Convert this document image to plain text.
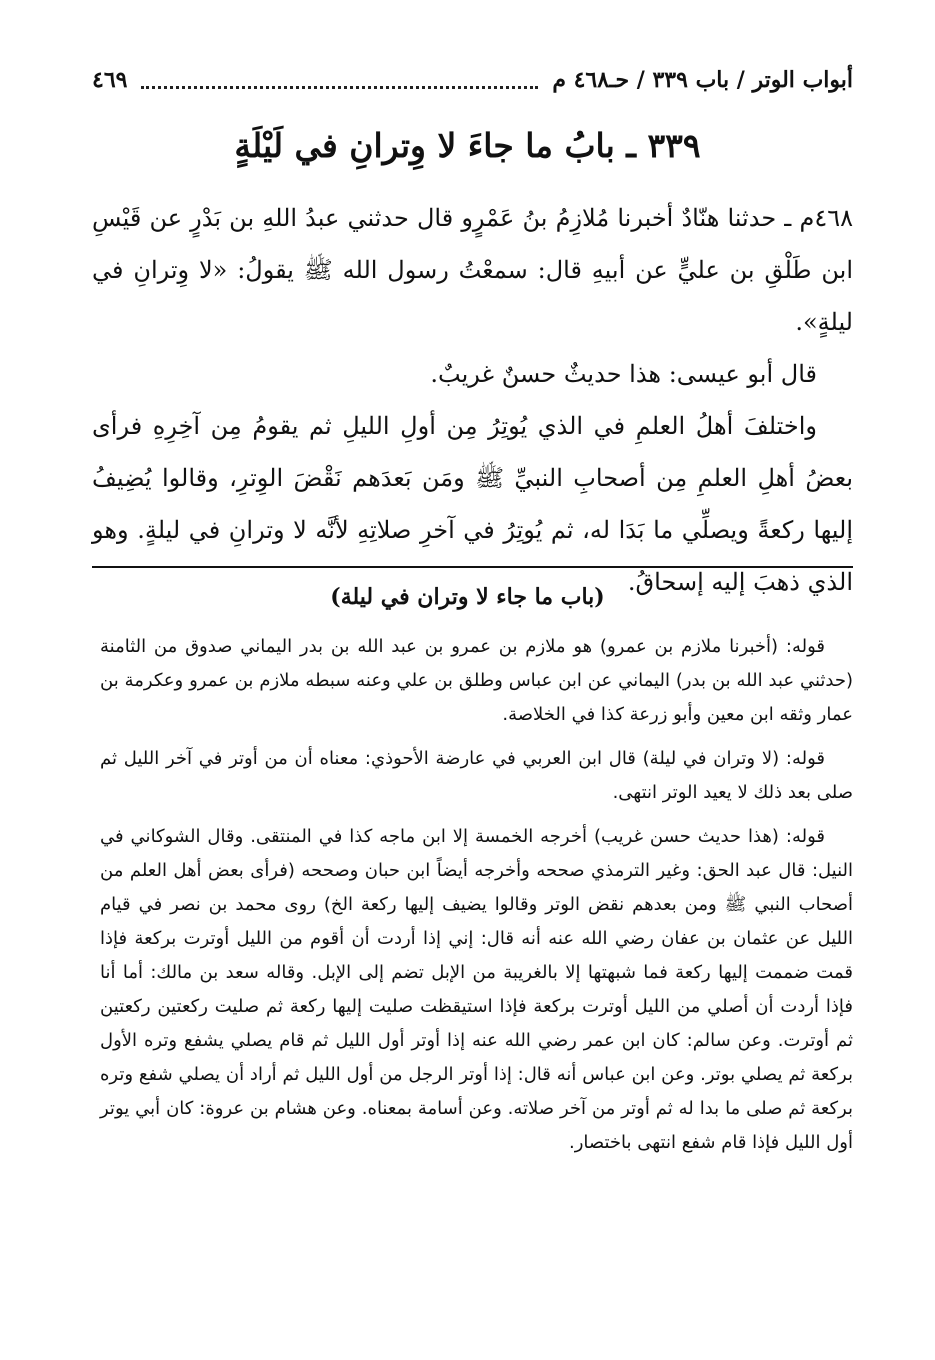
أبواب الوتر / باب ٣٣٩ / حـ٤٦٨ م
٤٦٩
٣٣٩ ـ بابُ ما جاءَ لا وِترانِ في لَيْلَةٍ

٤٦٨م ـ حدثنا هنّادٌ أخبرنا مُلازِمُ بنُ عَمْرٍو قال حدثني عبدُ اللهِ بن بَدْرٍ عن قَيْسِ ابن طَلْقِ بن عليٍّ عن أبيهِ قال: سمعْتُ رسول الله ﷺ يقولُ: «لا وِترانِ في ليلةٍ».

قال أبو عيسى: هذا حديثٌ حسنٌ غريبٌ.

واختلفَ أهلُ العلمِ في الذي يُوتِرُ مِن أولِ الليلِ ثم يقومُ مِن آخِرِهِ فرأى بعضُ أهلِ العلمِ مِن أصحابِ النبيِّ ﷺ ومَن بَعدَهم نَقْضَ الوِترِ، وقالوا يُضِيفُ إليها ركعةً ويصلِّي ما بَدَا له، ثم يُوتِرُ في آخرِ صلاتِهِ لأنَّه لا وترانِ في ليلةٍ. وهو الذي ذهبَ إليه إسحاقُ.

(باب ما جاء لا وتران في ليلة)

قوله: (أخبرنا ملازم بن عمرو) هو ملازم بن عمرو بن عبد الله بن بدر اليماني صدوق من الثامنة (حدثني عبد الله بن بدر) اليماني عن ابن عباس وطلق بن علي وعنه سبطه ملازم بن عمرو وعكرمة بن عمار وثقه ابن معين وأبو زرعة كذا في الخلاصة.

قوله: (لا وتران في ليلة) قال ابن العربي في عارضة الأحوذي: معناه أن من أوتر في آخر الليل ثم صلى بعد ذلك لا يعيد الوتر انتهى.

قوله: (هذا حديث حسن غريب) أخرجه الخمسة إلا ابن ماجه كذا في المنتقى. وقال الشوكاني في النيل: قال عبد الحق: وغير الترمذي صححه وأخرجه أيضاً ابن حبان وصححه (فرأى بعض أهل العلم من أصحاب النبي ﷺ ومن بعدهم نقض الوتر وقالوا يضيف إليها ركعة الخ) روى محمد بن نصر في قيام الليل عن عثمان بن عفان رضي الله عنه أنه قال: إني إذا أردت أن أقوم من الليل أوترت بركعة فإذا قمت ضممت إليها ركعة فما شبهتها إلا بالغريبة من الإبل تضم إلى الإبل. وقاله سعد بن مالك: أما أنا فإذا أردت أن أصلي من الليل أوترت بركعة فإذا استيقظت صليت إليها ركعة ثم صليت ركعتين ركعتين ثم أوترت. وعن سالم: كان ابن عمر رضي الله عنه إذا أوتر أول الليل ثم قام يصلي يشفع وتره الأول بركعة ثم يصلي بوتر. وعن ابن عباس أنه قال: إذا أوتر الرجل من أول الليل ثم أراد أن يصلي شفع وتره بركعة ثم صلى ما بدا له ثم أوتر من آخر صلاته. وعن أسامة بمعناه. وعن هشام بن عروة: كان أبي يوتر أول الليل فإذا قام شفع انتهى باختصار.
